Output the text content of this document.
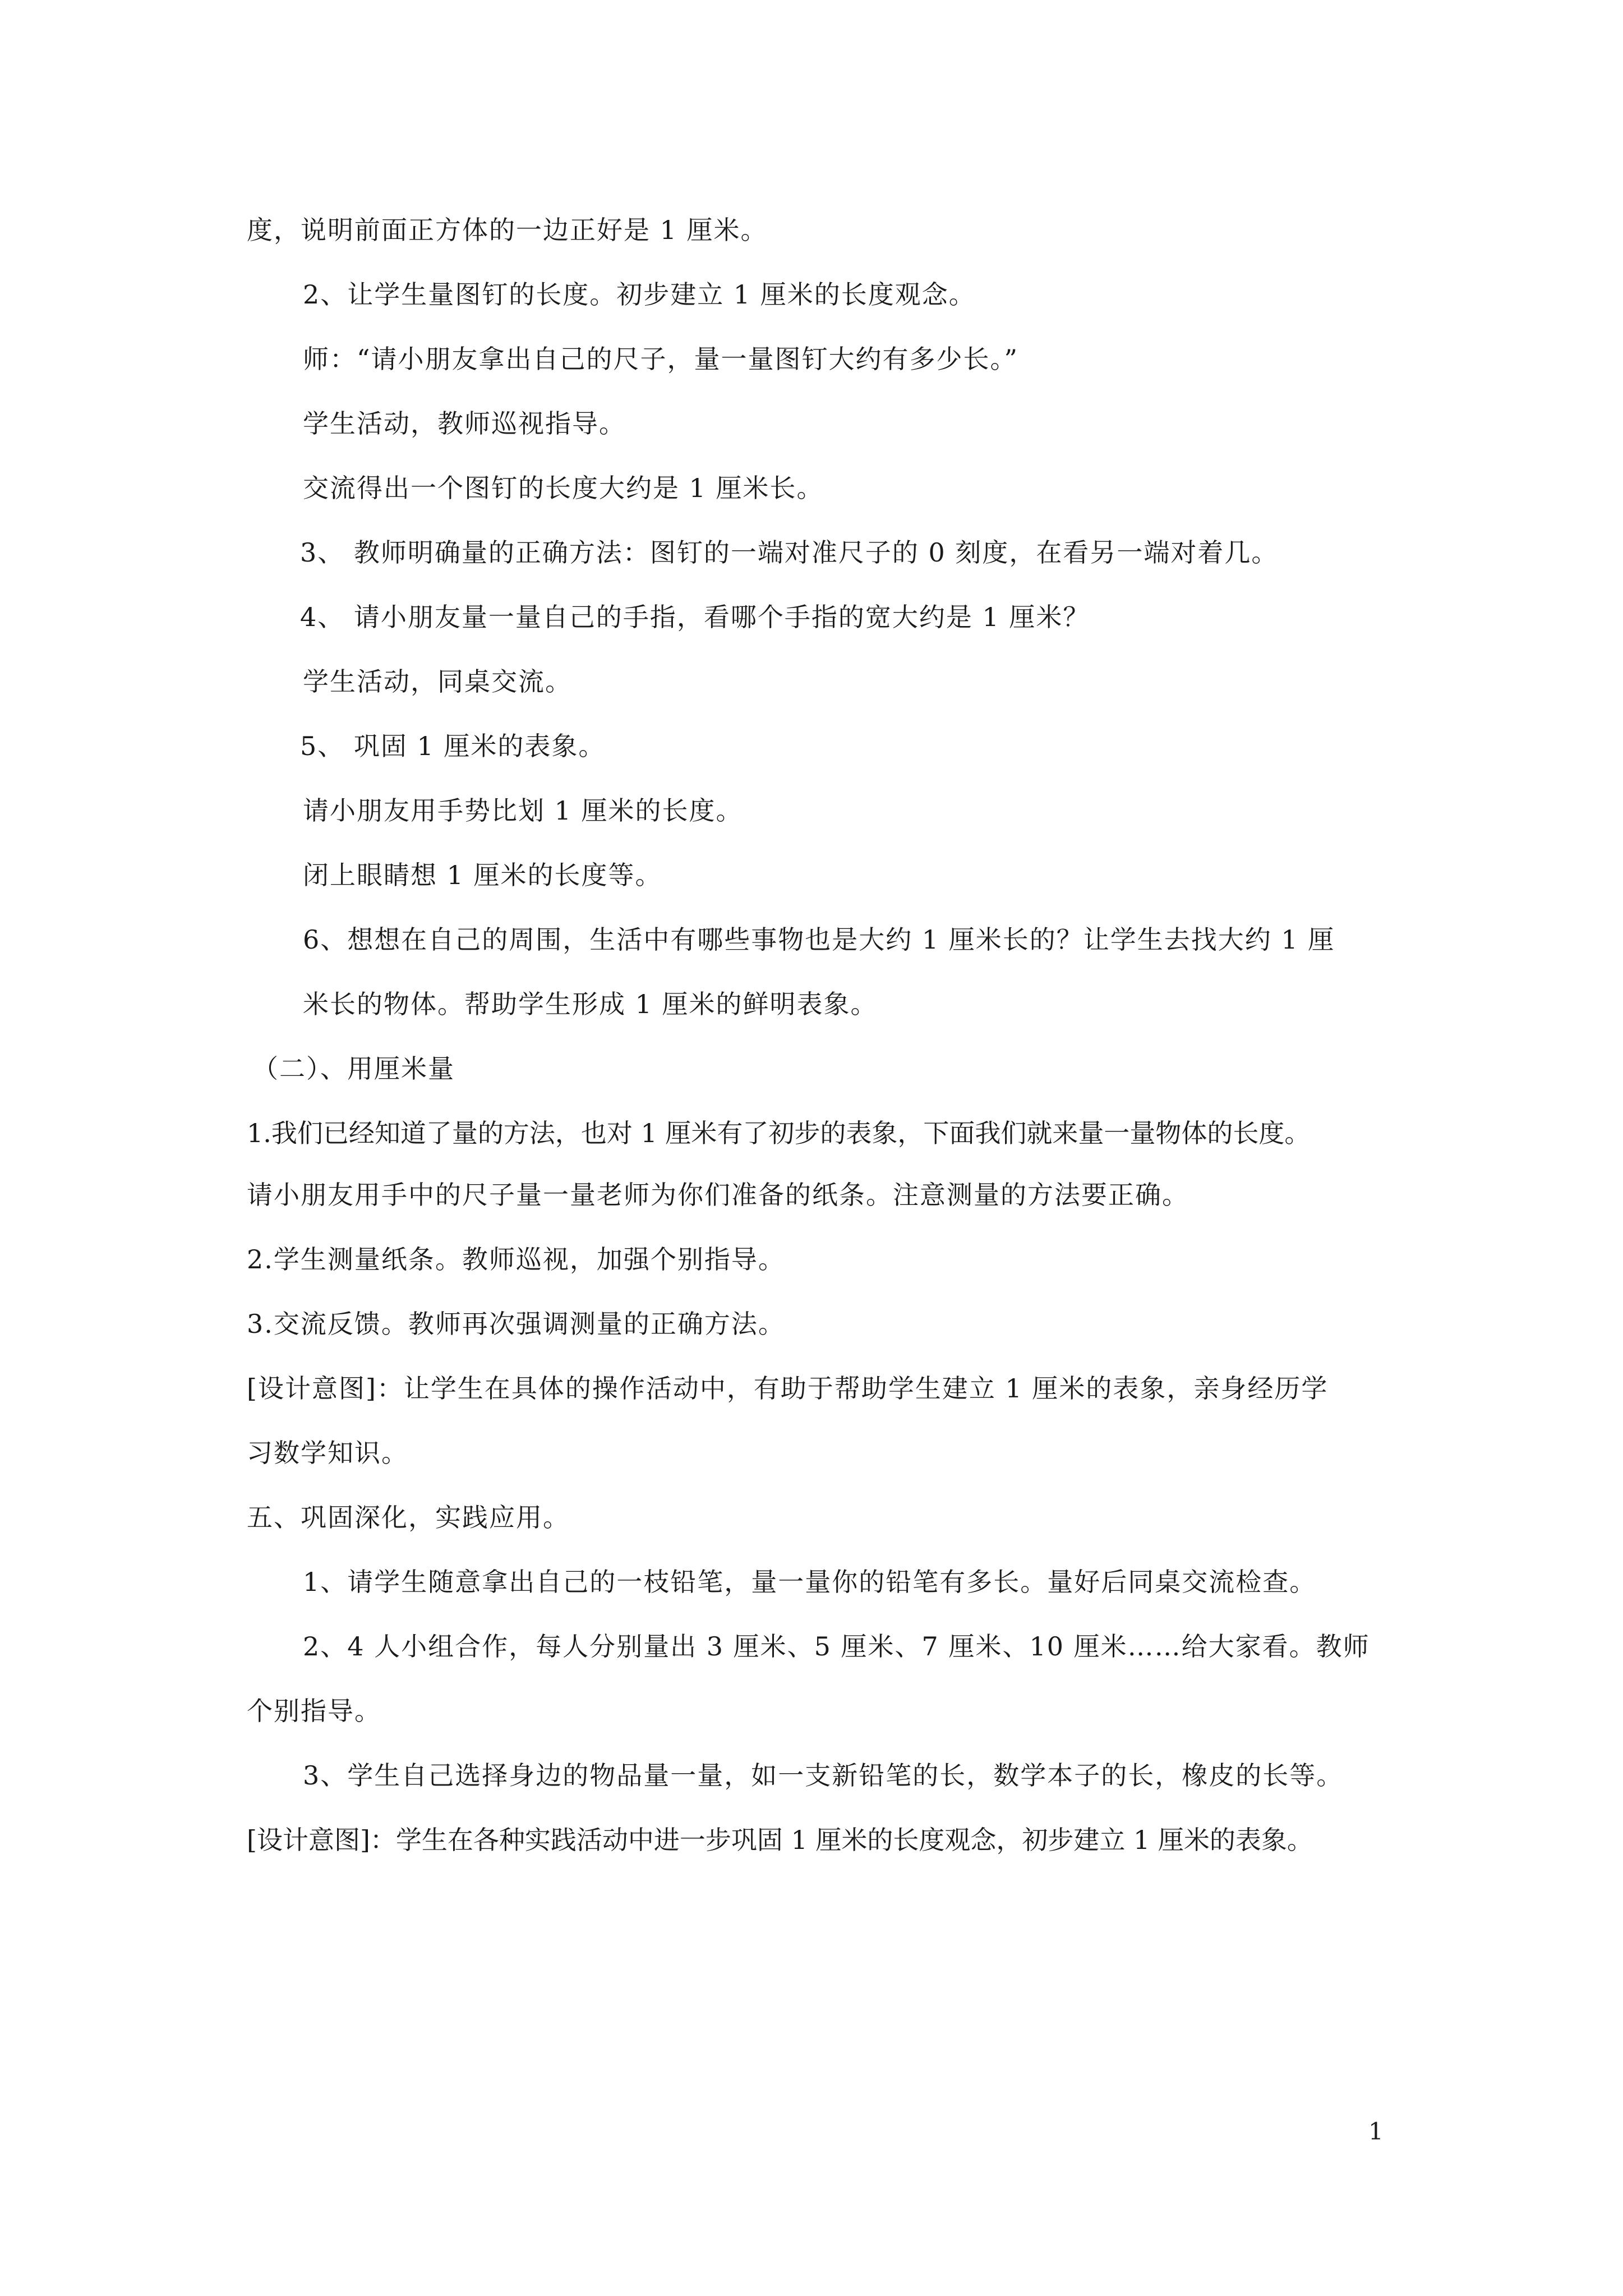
度，说明前面正方体的一边正好是 1 厘米。
2、让学生量图钉的长度。初步建立 1 厘米的长度观念。
师：“请小朋友拿出自己的尺子，量一量图钉大约有多少长。”
学生活动，教师巡视指导。
交流得出一个图钉的长度大约是 1 厘米长。
3、 教师明确量的正确方法：图钉的一端对准尺子的 0 刻度，在看另一端对着几。
4、 请小朋友量一量自己的手指，看哪个手指的宽大约是 1 厘米？
学生活动，同桌交流。
5、 巩固 1 厘米的表象。
请小朋友用手势比划 1 厘米的长度。
闭上眼睛想 1 厘米的长度等。
6、想想在自己的周围，生活中有哪些事物也是大约 1 厘米长的？让学生去找大约 1 厘
米长的物体。帮助学生形成 1 厘米的鲜明表象。
（二）、用厘米量
1.我们已经知道了量的方法，也对 1 厘米有了初步的表象，下面我们就来量一量物体的长度。
请小朋友用手中的尺子量一量老师为你们准备的纸条。注意测量的方法要正确。
2.学生测量纸条。教师巡视，加强个别指导。
3.交流反馈。教师再次强调测量的正确方法。
[设计意图]：让学生在具体的操作活动中，有助于帮助学生建立 1 厘米的表象，亲身经历学
习数学知识。
五、巩固深化，实践应用。
1、请学生随意拿出自己的一枝铅笔，量一量你的铅笔有多长。量好后同桌交流检查。
2、4 人小组合作，每人分别量出 3 厘米、5 厘米、7 厘米、10 厘米……给大家看。教师
个别指导。
3、学生自己选择身边的物品量一量，如一支新铅笔的长，数学本子的长，橡皮的长等。
[设计意图]：学生在各种实践活动中进一步巩固 1 厘米的长度观念，初步建立 1 厘米的表象。
1
